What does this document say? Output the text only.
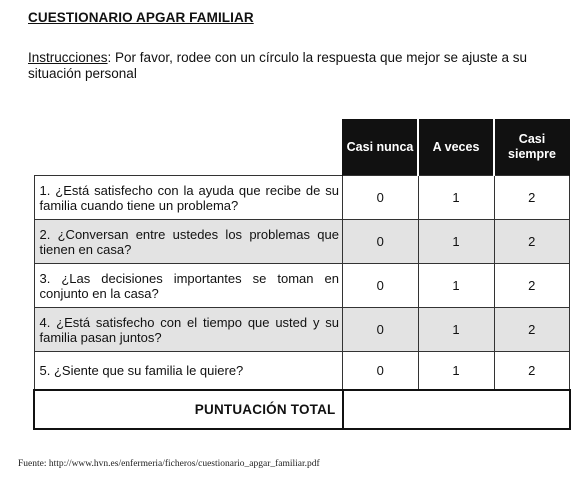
CUESTIONARIO APGAR FAMILIAR
Instrucciones: Por favor, rodee con un círculo la respuesta que mejor se ajuste a su situación personal
	Casi nunca	A veces	Casi siempre
1. ¿Está satisfecho con la ayuda que recibe de su familia cuando tiene un problema?	0	1	2
2. ¿Conversan entre ustedes los problemas que tienen en casa?	0	1	2
3. ¿Las decisiones importantes se toman en conjunto en la casa?	0	1	2
4. ¿Está satisfecho con el tiempo que usted y su familia pasan juntos?	0	1	2
5. ¿Siente que su familia le quiere?	0	1	2
PUNTUACIÓN TOTAL			
Fuente: http://www.hvn.es/enfermeria/ficheros/cuestionario_apgar_familiar.pdf
